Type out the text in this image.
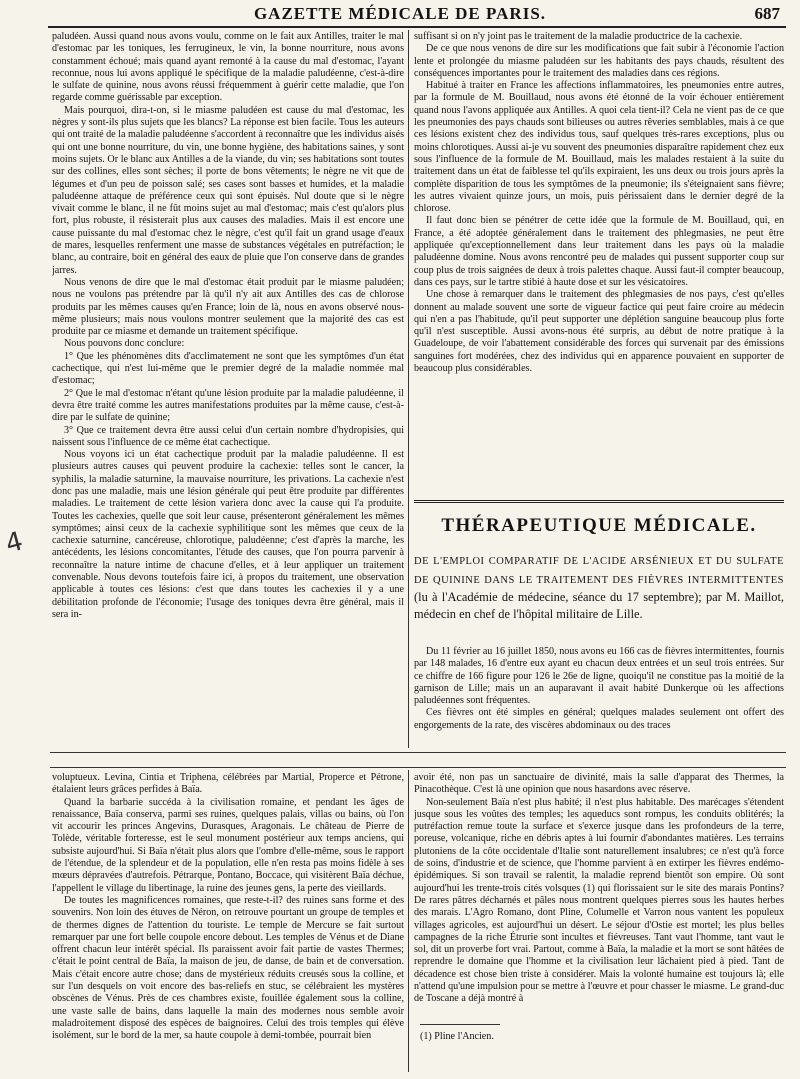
GAZETTE MÉDICALE DE PARIS.	687

paludéen. Aussi quand nous avons voulu, comme on le fait aux Antilles, traiter le mal d'estomac par les toniques, les ferrugineux, le vin, la bonne nourriture, nous avons constamment échoué; mais quand ayant remonté à la cause du mal d'estomac, l'ayant reconnue, nous lui avons appliqué le spécifique de la maladie paludéenne, c'est-à-dire le sulfate de quinine, nous avons réussi fréquemment à guérir cette maladie, que l'on regarde comme guérissable par exception.

Mais pourquoi, dira-t-on, si le miasme paludéen est cause du mal d'estomac, les nègres y sont-ils plus sujets que les blancs? La réponse est bien facile. Tous les auteurs qui ont traité de la maladie paludéenne s'accordent à reconnaître que les individus aisés qui ont une bonne nourriture, du vin, une bonne hygiène, des habitations saines, y sont moins sujets. Or le blanc aux Antilles a de la viande, du vin; ses habitations sont toutes sur des collines, elles sont sèches; il porte de bons vêtements; le nègre ne vit que de légumes et d'un peu de poisson salé; ses cases sont basses et humides, et la maladie paludéenne attaque de préférence ceux qui sont épuisés. Nul doute que si le nègre vivait comme le blanc, il ne fût moins sujet au mal d'estomac; mais c'est qu'alors plus fort, plus robuste, il résisterait plus aux causes des maladies. Mais il est encore une cause puissante du mal d'estomac chez le nègre, c'est qu'il fait un grand usage d'eaux de mares, lesquelles renferment une masse de substances végétales en putréfaction; le blanc, au contraire, boit en général des eaux de pluie que l'on conserve dans de grandes jarres.

Nous venons de dire que le mal d'estomac était produit par le miasme paludéen; nous ne voulons pas prétendre par là qu'il n'y ait aux Antilles des cas de chlorose produits par les mêmes causes qu'en France; loin de là, nous en avons observé nous-même plusieurs; mais nous voulons montrer seulement que la majorité des cas est produite par ce miasme et demande un traitement spécifique.

Nous pouvons donc conclure:

1° Que les phénomènes dits d'acclimatement ne sont que les symptômes d'un état cachectique, qui n'est lui-même que le premier degré de la maladie nommée mal d'estomac;

2° Que le mal d'estomac n'étant qu'une lésion produite par la maladie paludéenne, il devra être traité comme les autres manifestations produites par la même cause, c'est-à-dire par le sulfate de quinine;

3° Que ce traitement devra être aussi celui d'un certain nombre d'hydropisies, qui naissent sous l'influence de ce même état cachectique.

Nous voyons ici un état cachectique produit par la maladie paludéenne. Il est plusieurs autres causes qui peuvent produire la cachexie: telles sont le cancer, la syphilis, la maladie saturnine, la mauvaise nourriture, les privations. La cachexie n'est donc pas une maladie, mais une lésion générale qui peut être produite par différentes maladies. Le traitement de cette lésion variera donc avec la cause qui l'a produite. Toutes les cachexies, quelle que soit leur cause, présenteront généralement les mêmes symptômes; ainsi ceux de la cachexie syphilitique sont les mêmes que ceux de la cachexie saturnine, cancéreuse, chlorotique, paludéenne; c'est d'après la marche, les antécédents, les lésions concomitantes, l'étude des causes, que l'on pourra parvenir à reconnaître la nature intime de chacune d'elles, et à leur appliquer un traitement convenable. Nous devons toutefois faire ici, à propos du traitement, une observation applicable à toutes ces lésions: c'est que dans toutes les cachexies il y a une débilitation profonde de l'économie; l'usage des toniques devra être général, mais il sera in-

suffisant si on n'y joint pas le traitement de la maladie productrice de la cachexie.

De ce que nous venons de dire sur les modifications que fait subir à l'économie l'action lente et prolongée du miasme paludéen sur les habitants des pays chauds, résultent des conséquences importantes pour le traitement des maladies dans ces régions.

Habitué à traiter en France les affections inflammatoires, les pneumonies entre autres, par la formule de M. Bouillaud, nous avons été étonné de la voir échouer entièrement quand nous l'avons appliquée aux Antilles. A quoi cela tient-il? Cela ne vient pas de ce que les pneumonies des pays chauds sont bilieuses ou autres rêveries semblables, mais à ce que ces lésions existent chez des individus tous, sauf quelques très-rares exceptions, plus ou moins chlorotiques. Aussi ai-je vu souvent des pneumonies disparaître rapidement chez eux sous l'influence de la formule de M. Bouillaud, mais les malades restaient à la suite du traitement dans un état de faiblesse tel qu'ils expiraient, les uns deux ou trois jours après la complète disparition de tous les symptômes de la pneumonie; ils s'éteignaient sans fièvre; les autres vivaient quinze jours, un mois, puis périssaient dans le dernier degré de la chlorose.

Il faut donc bien se pénétrer de cette idée que la formule de M. Bouillaud, qui, en France, a été adoptée généralement dans le traitement des phlegmasies, ne peut être appliquée qu'exceptionnellement dans leur traitement dans les pays où la maladie paludéenne domine. Nous avons rencontré peu de malades qui pussent supporter coup sur coup plus de trois saignées de deux à trois palettes chaque. Aussi faut-il compter beaucoup, dans ces pays, sur le tartre stibié à haute dose et sur les vésicatoires.

Une chose à remarquer dans le traitement des phlegmasies de nos pays, c'est qu'elles donnent au malade souvent une sorte de vigueur factice qui peut faire croire au médecin qui n'en a pas l'habitude, qu'il peut supporter une déplétion sanguine beaucoup plus forte qu'il n'est susceptible. Aussi avons-nous été surpris, au début de notre pratique à la Guadeloupe, de voir l'abattement considérable des forces qui survenait par des émissions sanguines fort modérées, chez des individus qui en apparence pouvaient en supporter de beaucoup plus considérables.

THÉRAPEUTIQUE MÉDICALE.
DE L'EMPLOI COMPARATIF DE L'ACIDE ARSÉNIEUX ET DU SULFATE DE QUININE DANS LE TRAITEMENT DES FIÈVRES INTERMITTENTES (lu à l'Académie de médecine, séance du 17 septembre); par M. Maillot, médecin en chef de l'hôpital militaire de Lille.

Du 11 février au 16 juillet 1850, nous avons eu 166 cas de fièvres intermittentes, fournis par 148 malades, 16 d'entre eux ayant eu chacun deux entrées et un seul trois entrées. Sur ce chiffre de 166 figure pour 126 le 26e de ligne, quoiqu'il ne constitue pas la moitié de la garnison de Lille; mais un an auparavant il avait habité Dunkerque où les affections paludéennes sont fréquentes.

Ces fièvres ont été simples en général; quelques malades seulement ont offert des engorgements de la rate, des viscères abdominaux ou des traces

voluptueux. Levina, Cintia et Triphena, célébrées par Martial, Properce et Pétrone, étalaient leurs grâces perfides à Baïa.

Quand la barbarie succéda à la civilisation romaine, et pendant les âges de renaissance, Baïa conserva, parmi ses ruines, quelques palais, villas ou bains, où l'on vit accourir les princes Angevins, Durasques, Aragonais. Le château de Pierre de Tolède, véritable forteresse, est le seul monument postérieur aux temps anciens, qui subsiste aujourd'hui. Si Baïa n'était plus alors que l'ombre d'elle-même, sous le rapport de l'étendue, de la splendeur et de la population, elle n'en resta pas moins fidèle à ses mœurs dépravées d'autrefois. Pétrarque, Pontano, Boccace, qui visitèrent Baïa déchue, l'appellent le village du libertinage, la ruine des jeunes gens, la perte des vieillards.

De toutes les magnificences romaines, que reste-t-il? des ruines sans forme et des souvenirs. Non loin des étuves de Néron, on retrouve pourtant un groupe de temples et de thermes dignes de l'attention du touriste. Le temple de Mercure se fait surtout remarquer par une fort belle coupole encore debout. Les temples de Vénus et de Diane offrent chacun leur intérêt spécial. Ils paraissent avoir fait partie de vastes Thermes; c'était le point central de Baïa, la maison de jeu, de danse, de bain et de conversation. Mais c'était encore autre chose; dans de mystérieux réduits creusés sous la colline, et sur l'un desquels on voit encore des bas-reliefs en stuc, se célébraient les mystères obscènes de Vénus. Près de ces chambres existe, fouillée également sous la colline, une vaste salle de bains, dans laquelle la main des modernes nous semble avoir maladroitement disposé des espèces de baignoires. Celui des trois temples qui élève isolément, sur le bord de la mer, sa haute coupole à demi-tombée, pourrait bien

avoir été, non pas un sanctuaire de divinité, mais la salle d'apparat des Thermes, la Pinacothèque. C'est là une opinion que nous hasardons avec réserve.

Non-seulement Baïa n'est plus habité; il n'est plus habitable. Des marécages s'étendent jusque sous les voûtes des temples; les aqueducs sont rompus, les conduits oblitérés; la putréfaction remue toute la surface et s'exerce jusque dans les profondeurs de la terre, poreuse, volcanique, riche en débris aptes à lui fournir d'abondantes matières. Les terrains plutoniens de la côte occidentale d'Italie sont naturellement insalubres; ce n'est qu'à force de soins, d'industrie et de science, que l'homme parvient à en extirper les fièvres endémo-épidémiques. Si son travail se ralentit, la maladie reprend bientôt son empire. Où sont aujourd'hui les trente-trois cités volsques (1) qui florissaient sur le site des marais Pontins? De rares pâtres décharnés et pâles nous montrent quelques pierres sous les hautes herbes des marais. L'Agro Romano, dont Pline, Columelle et Varron nous vantent les populeux villages agricoles, est aujourd'hui un désert. Le séjour d'Ostie est mortel; les plus belles campagnes de la riche Étrurie sont incultes et fiévreuses. Tant vaut l'homme, tant vaut le sol, dit un proverbe fort vrai. Partout, comme à Baïa, la maladie et la mort se sont hâtées de reprendre le domaine que l'homme et la civilisation leur lâchaient pied à pied. Tant de décadence est chose bien triste à considérer. Mais la volonté humaine est toujours là; elle n'attend qu'une impulsion pour se mettre à l'œuvre et pour chasser le miasme. Le grand-duc de Toscane a déjà montré à

(1) Pline l'Ancien.
4
